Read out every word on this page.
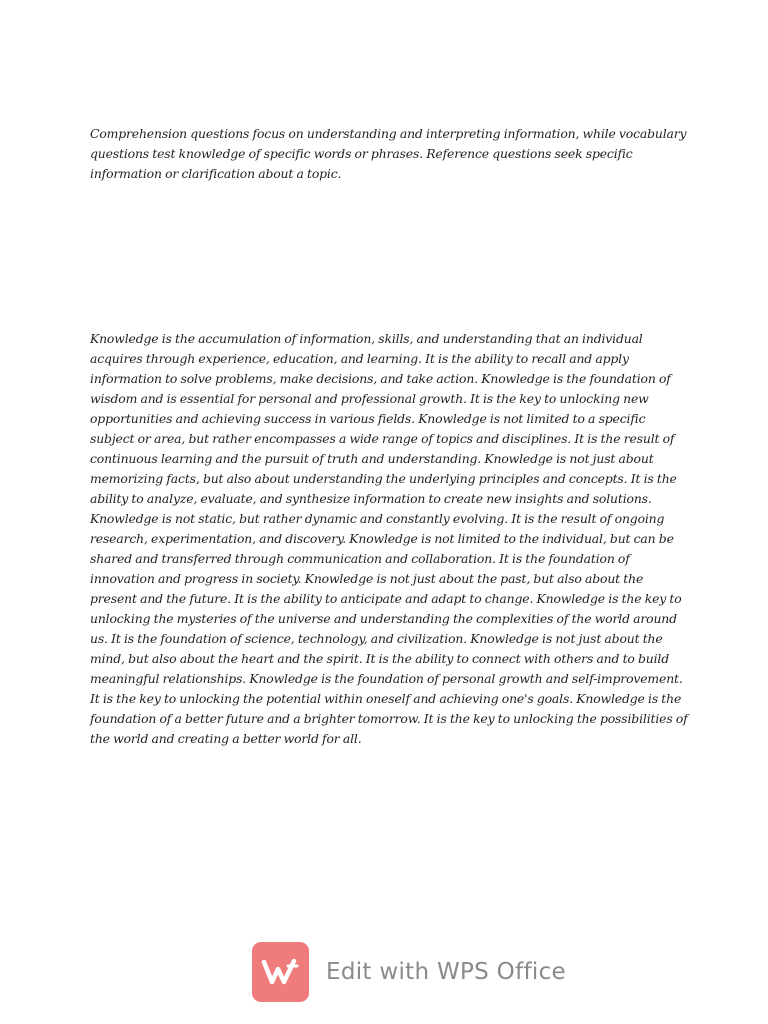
Comprehension questions focus on understanding and interpreting information, while vocabulary questions test knowledge of specific words or phrases. Reference questions seek specific information or clarification about a topic.

Knowledge is the accumulation of information, skills, and understanding that an individual acquires through experience, education, and learning. It is the ability to recall and apply information to solve problems, make decisions, and take action. Knowledge is the foundation of wisdom and is essential for personal and professional growth. It is the key to unlocking new opportunities and achieving success in various fields. Knowledge is not limited to a specific subject or area, but rather encompasses a wide range of topics and disciplines. It is the result of continuous learning and the pursuit of truth and understanding. Knowledge is not just about memorizing facts, but also about understanding the underlying principles and concepts. It is the ability to analyze, evaluate, and synthesize information to create new insights and solutions. Knowledge is not static, but rather dynamic and constantly evolving. It is the result of ongoing research, experimentation, and discovery. Knowledge is not limited to the individual, but can be shared and transferred through communication and collaboration. It is the foundation of innovation and progress in society. Knowledge is not just about the past, but also about the present and the future. It is the ability to anticipate and adapt to change. Knowledge is the key to unlocking the mysteries of the universe and understanding the complexities of the world around us. It is the foundation of science, technology, and civilization. Knowledge is not just about the mind, but also about the heart and the spirit. It is the ability to connect with others and to build meaningful relationships. Knowledge is the foundation of personal growth and self-improvement. It is the key to unlocking the potential within oneself and achieving one's goals. Knowledge is the foundation of a better future and a brighter tomorrow. It is the key to unlocking the possibilities of the world and creating a better world for all.

Edit with WPS Office
